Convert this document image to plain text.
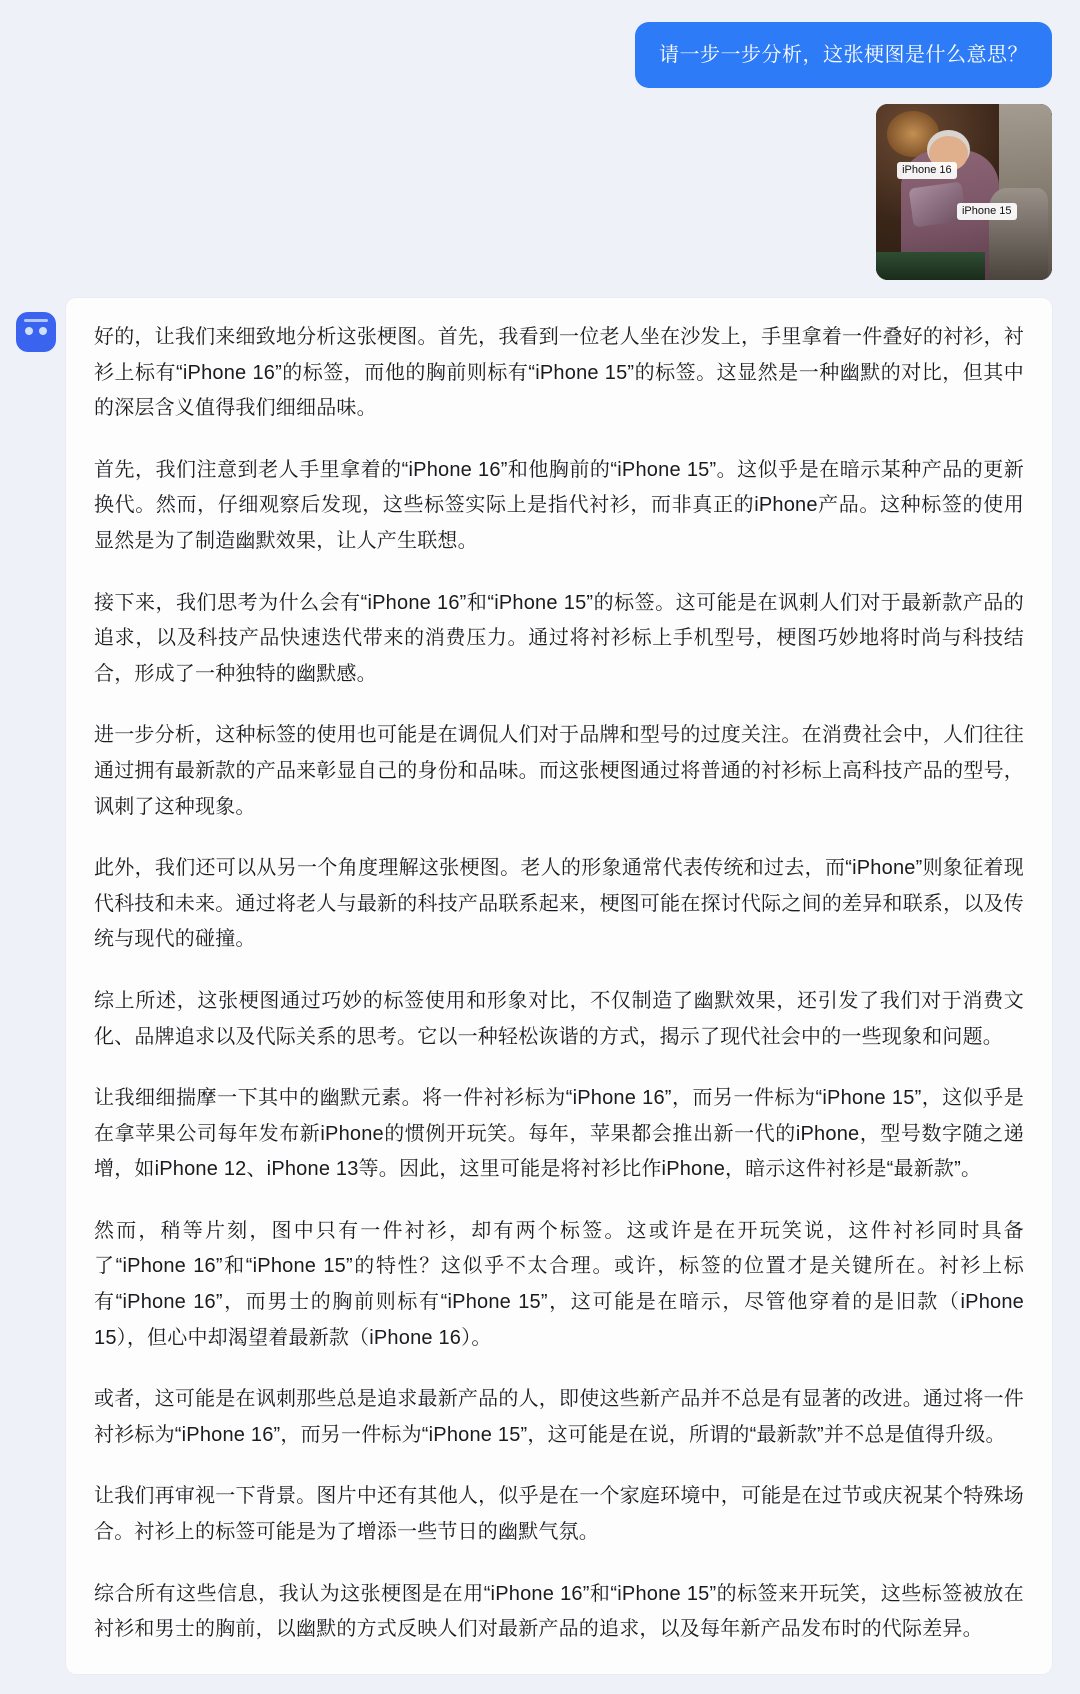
请一步一步分析，这张梗图是什么意思？
iPhone 16
iPhone 15

好的，让我们来细致地分析这张梗图。首先，我看到一位老人坐在沙发上，手里拿着一件叠好的衬衫，衬衫上标有“iPhone 16”的标签，而他的胸前则标有“iPhone 15”的标签。这显然是一种幽默的对比，但其中的深层含义值得我们细细品味。

首先，我们注意到老人手里拿着的“iPhone 16”和他胸前的“iPhone 15”。这似乎是在暗示某种产品的更新换代。然而，仔细观察后发现，这些标签实际上是指代衬衫，而非真正的iPhone产品。这种标签的使用显然是为了制造幽默效果，让人产生联想。

接下来，我们思考为什么会有“iPhone 16”和“iPhone 15”的标签。这可能是在讽刺人们对于最新款产品的追求，以及科技产品快速迭代带来的消费压力。通过将衬衫标上手机型号，梗图巧妙地将时尚与科技结合，形成了一种独特的幽默感。

进一步分析，这种标签的使用也可能是在调侃人们对于品牌和型号的过度关注。在消费社会中，人们往往通过拥有最新款的产品来彰显自己的身份和品味。而这张梗图通过将普通的衬衫标上高科技产品的型号，讽刺了这种现象。

此外，我们还可以从另一个角度理解这张梗图。老人的形象通常代表传统和过去，而“iPhone”则象征着现代科技和未来。通过将老人与最新的科技产品联系起来，梗图可能在探讨代际之间的差异和联系，以及传统与现代的碰撞。

综上所述，这张梗图通过巧妙的标签使用和形象对比，不仅制造了幽默效果，还引发了我们对于消费文化、品牌追求以及代际关系的思考。它以一种轻松诙谐的方式，揭示了现代社会中的一些现象和问题。

让我细细揣摩一下其中的幽默元素。将一件衬衫标为“iPhone 16”，而另一件标为“iPhone 15”，这似乎是在拿苹果公司每年发布新iPhone的惯例开玩笑。每年，苹果都会推出新一代的iPhone，型号数字随之递增，如iPhone 12、iPhone 13等。因此，这里可能是将衬衫比作iPhone，暗示这件衬衫是“最新款”。

然而，稍等片刻，图中只有一件衬衫，却有两个标签。这或许是在开玩笑说，这件衬衫同时具备了“iPhone 16”和“iPhone 15”的特性？这似乎不太合理。或许，标签的位置才是关键所在。衬衫上标有“iPhone 16”，而男士的胸前则标有“iPhone 15”，这可能是在暗示，尽管他穿着的是旧款（iPhone 15），但心中却渴望着最新款（iPhone 16）。

或者，这可能是在讽刺那些总是追求最新产品的人，即使这些新产品并不总是有显著的改进。通过将一件衬衫标为“iPhone 16”，而另一件标为“iPhone 15”，这可能是在说，所谓的“最新款”并不总是值得升级。

让我们再审视一下背景。图片中还有其他人，似乎是在一个家庭环境中，可能是在过节或庆祝某个特殊场合。衬衫上的标签可能是为了增添一些节日的幽默气氛。

综合所有这些信息，我认为这张梗图是在用“iPhone 16”和“iPhone 15”的标签来开玩笑，这些标签被放在衬衫和男士的胸前，以幽默的方式反映人们对最新产品的追求，以及每年新产品发布时的代际差异。
